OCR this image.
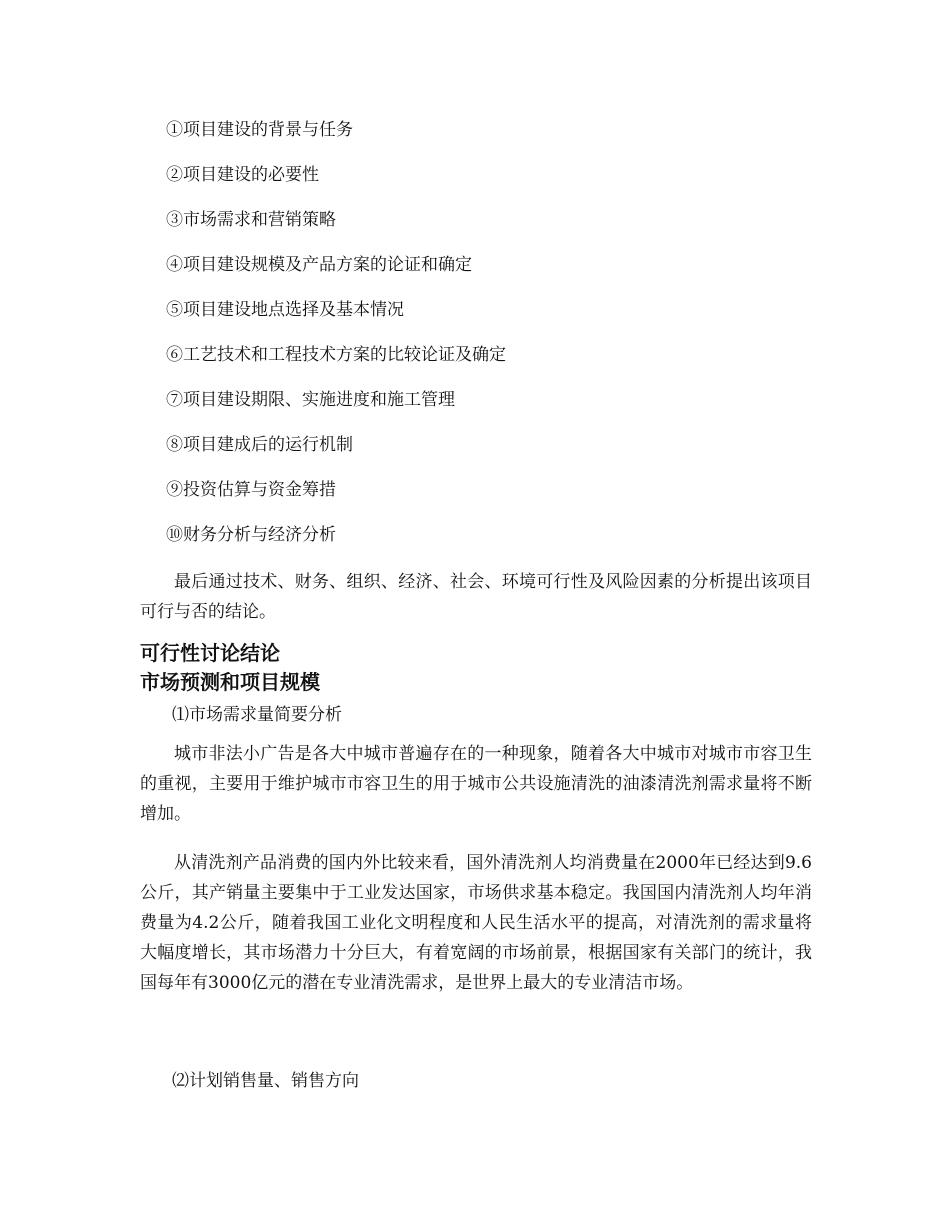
①项目建设的背景与任务
②项目建设的必要性
③市场需求和营销策略
④项目建设规模及产品方案的论证和确定
⑤项目建设地点选择及基本情况
⑥工艺技术和工程技术方案的比较论证及确定
⑦项目建设期限、实施进度和施工管理
⑧项目建成后的运行机制
⑨投资估算与资金筹措
⑩财务分析与经济分析

最后通过技术、财务、组织、经济、社会、环境可行性及风险因素的分析提出该项目可行与否的结论。

可行性讨论结论
市场预测和项目规模
⑴市场需求量简要分析

城市非法小广告是各大中城市普遍存在的一种现象，随着各大中城市对城市市容卫生的重视，主要用于维护城市市容卫生的用于城市公共设施清洗的油漆清洗剂需求量将不断增加。

从清洗剂产品消费的国内外比较来看，国外清洗剂人均消费量在2000年已经达到9.6公斤，其产销量主要集中于工业发达国家，市场供求基本稳定。我国国内清洗剂人均年消费量为4.2公斤，随着我国工业化文明程度和人民生活水平的提高，对清洗剂的需求量将大幅度增长，其市场潜力十分巨大，有着宽阔的市场前景，根据国家有关部门的统计，我国每年有3000亿元的潜在专业清洗需求，是世界上最大的专业清洁市场。

⑵计划销售量、销售方向
